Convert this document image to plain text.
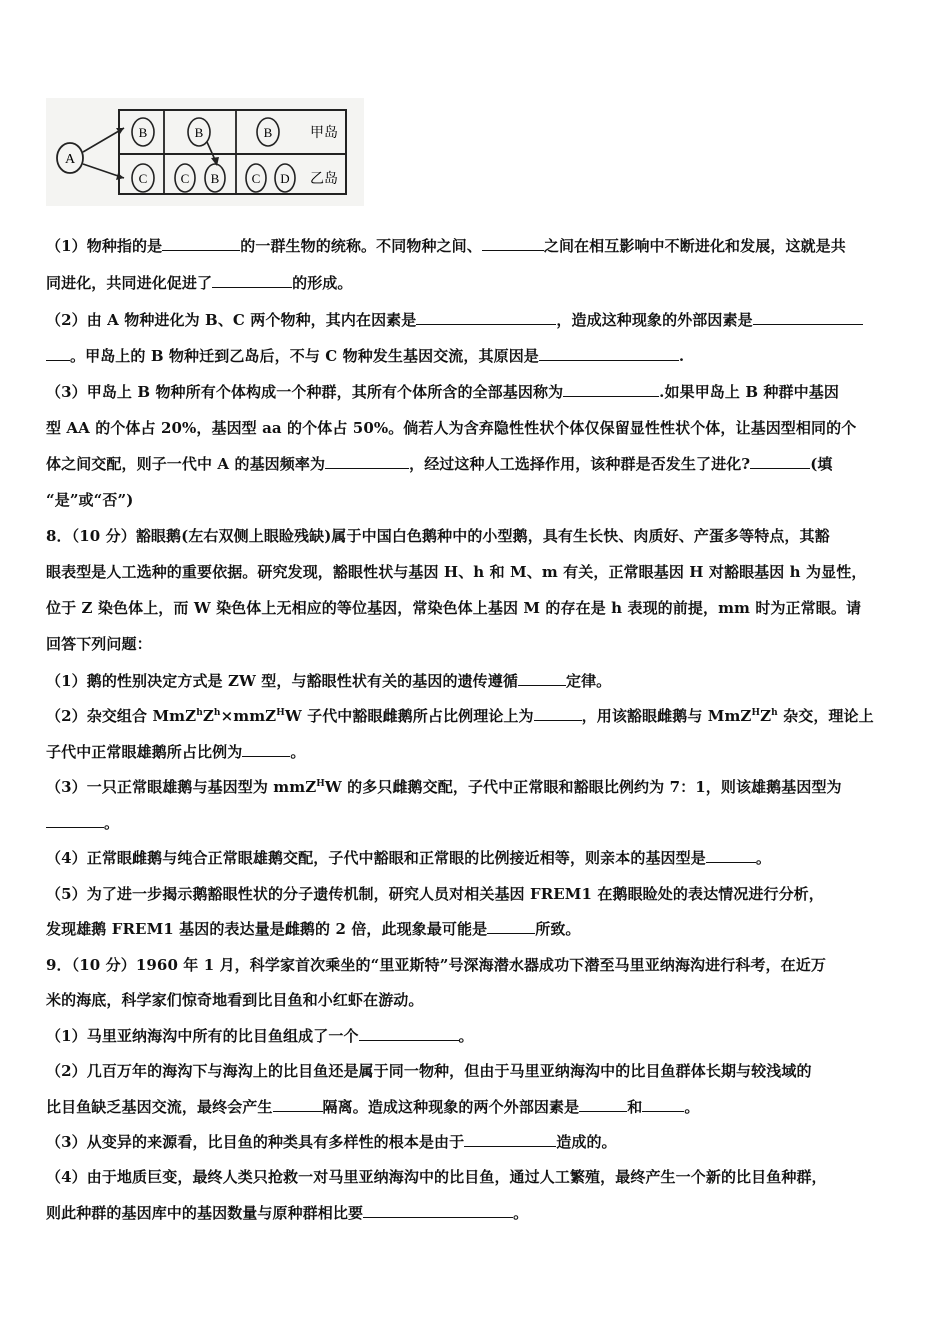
A
B	B	B
C	C B C D
甲岛
乙岛
（1）物种指的是	的一群生物的统称。不同物种之间、	之间在相互影响中不断进化和发展，这就是共
同进化，共同进化促进了	的形成。
（2）由 A 物种进化为 B、C 两个物种，其内在因素是	，造成这种现象的外部因素是
。甲岛上的 B 物种迁到乙岛后，不与 C 物种发生基因交流，其原因是	.
（3）甲岛上 B 物种所有个体构成一个种群，其所有个体所含的全部基因称为	.如果甲岛上 B 种群中基因
型 AA 的个体占 20%，基因型 aa 的个体占 50%。倘若人为含弃隐性性状个体仅保留显性性状个体，让基因型相同的个
体之间交配，则子一代中 A 的基因频率为	，经过这种人工选择作用，该种群是否发生了进化?	(填
“是”或“否”)
8．（10 分）豁眼鹅(左右双侧上眼睑残缺)属于中国白色鹅种中的小型鹅，具有生长快、肉质好、产蛋多等特点，其豁
眼表型是人工选种的重要依据。研究发现，豁眼性状与基因 H、h 和 M、m 有关，正常眼基因 H 对豁眼基因 h 为显性，
位于 Z 染色体上，而 W 染色体上无相应的等位基因，常染色体上基因 M 的存在是 h 表现的前提，mm 时为正常眼。请
回答下列问题：
（1）鹅的性别决定方式是 ZW 型，与豁眼性状有关的基因的遗传遵循	定律。
（2）杂交组合 $MmZ^hZ^h\times mmZ^HW$ 子代中豁眼雌鹅所占比例理论上为	，用该豁眼雌鹅与 $MmZ^HZ^h$ 杂交，理论上
子代中正常眼雄鹅所占比例为	。
（3）一只正常眼雄鹅与基因型为 mmZ$^H$W 的多只雌鹅交配，子代中正常眼和豁眼比例约为 7：1，则该雄鹅基因型为
。
（4）正常眼雌鹅与纯合正常眼雄鹅交配，子代中豁眼和正常眼的比例接近相等，则亲本的基因型是	。
（5）为了进一步揭示鹅豁眼性状的分子遗传机制，研究人员对相关基因 FREM1 在鹅眼睑处的表达情况进行分析，
发现雄鹅 FREM1 基因的表达量是雌鹅的 2 倍，此现象最可能是	所致。
9．（10 分）1960 年 1 月，科学家首次乘坐的“里亚斯特”号深海潜水器成功下潜至马里亚纳海沟进行科考，在近万
米的海底，科学家们惊奇地看到比目鱼和小红虾在游动。
（1）马里亚纳海沟中所有的比目鱼组成了一个	。
（2）几百万年的海沟下与海沟上的比目鱼还是属于同一物种，但由于马里亚纳海沟中的比目鱼群体长期与较浅域的
比目鱼缺乏基因交流，最终会产生	隔离。造成这种现象的两个外部因素是	和	。
（3）从变异的来源看，比目鱼的种类具有多样性的根本是由于	造成的。
（4）由于地质巨变，最终人类只抢救一对马里亚纳海沟中的比目鱼，通过人工繁殖，最终产生一个新的比目鱼种群，
则此种群的基因库中的基因数量与原种群相比要	。
